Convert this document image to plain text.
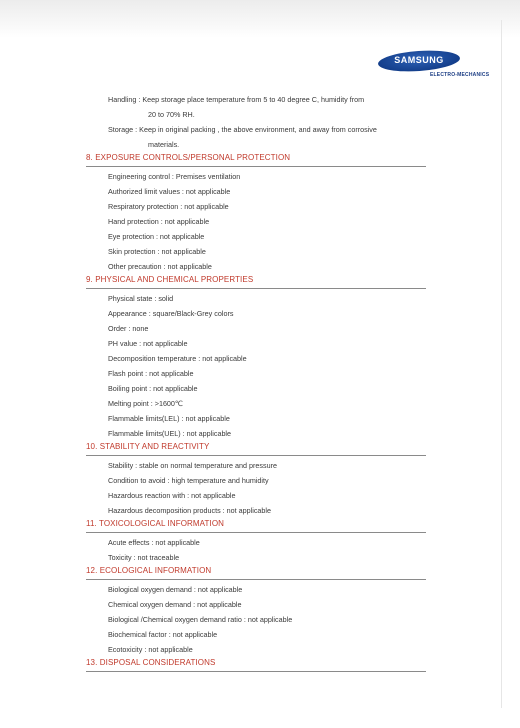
SAMSUNG
ELECTRO-MECHANICS
Handling : Keep storage place temperature from 5 to 40 degree C, humidity from
20 to 70% RH.
Storage : Keep in original packing , the above environment, and away from corrosive
materials.
8. EXPOSURE CONTROLS/PERSONAL PROTECTION
Engineering control : Premises ventilation
Authorized limit values : not applicable
Respiratory protection : not applicable
Hand protection : not applicable
Eye protection : not applicable
Skin protection : not applicable
Other precaution : not applicable
9. PHYSICAL AND CHEMICAL PROPERTIES
Physical state : solid
Appearance : square/Black-Grey colors
Order : none
PH value : not applicable
Decomposition temperature : not applicable
Flash point : not applicable
Boiling point : not applicable
Melting point : >1600℃
Flammable limits(LEL) : not applicable
Flammable limits(UEL) : not applicable
10. STABILITY AND REACTIVITY
Stability : stable on normal temperature and pressure
Condition to avoid : high temperature and humidity
Hazardous reaction with : not applicable
Hazardous decomposition products : not applicable
11. TOXICOLOGICAL INFORMATION
Acute effects : not applicable
Toxicity : not traceable
12. ECOLOGICAL INFORMATION
Biological oxygen demand : not applicable
Chemical oxygen demand : not applicable
Biological /Chemical oxygen demand ratio : not applicable
Biochemical factor : not applicable
Ecotoxicity : not applicable
13. DISPOSAL CONSIDERATIONS
